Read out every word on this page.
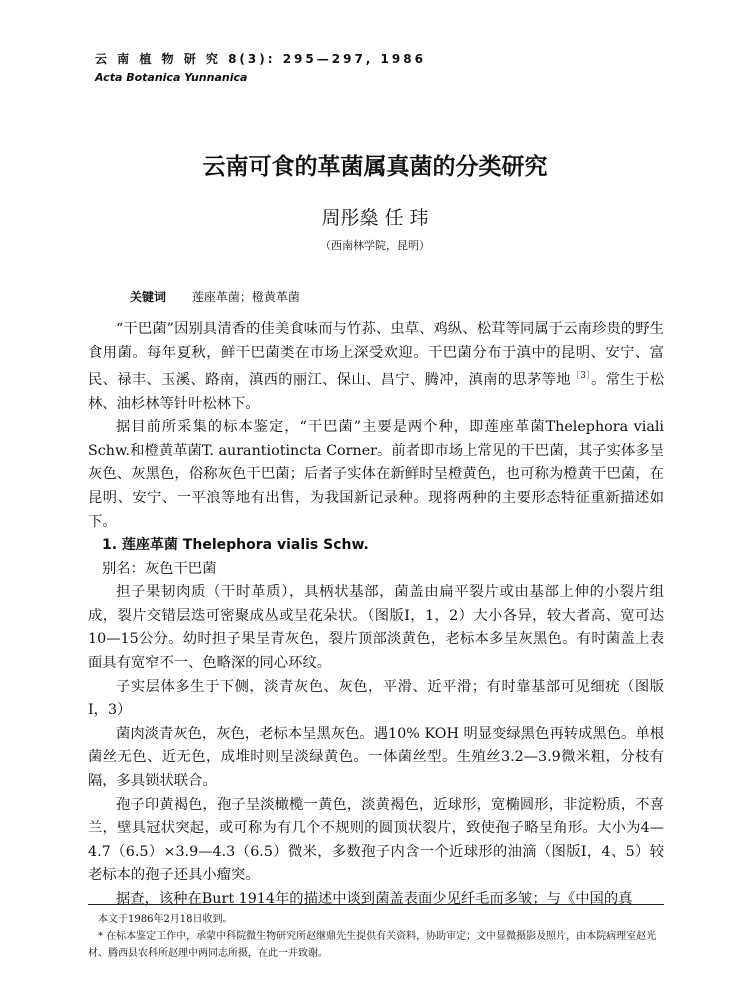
云 南 植 物 研 究 8(3): 295—297, 1986
Acta Botanica Yunnanica
云南可食的革菌属真菌的分类研究
周彤燊 任 玮
（西南林学院，昆明）
关键词 莲座革菌；橙黄革菌

“干巴菌”因别具清香的佳美食味而与竹荪、虫草、鸡纵、松茸等同属于云南珍贵的野生食用菌。每年夏秋，鲜干巴菌类在市场上深受欢迎。干巴菌分布于滇中的昆明、安宁、富民、禄丰、玉溪、路南，滇西的丽江、保山、昌宁、腾冲，滇南的思茅等地$^{〔3〕}$。常生于松林、油杉林等针叶松林下。

据目前所采集的标本鉴定，“干巴菌”主要是两个种，即莲座革菌Thelephora viali Schw.和橙黄革菌T. aurantiotincta Corner。前者即市场上常见的干巴菌，其子实体多呈灰色、灰黑色，俗称灰色干巴菌；后者子实体在新鲜时呈橙黄色，也可称为橙黄干巴菌，在昆明、安宁、一平浪等地有出售，为我国新记录种。现将两种的主要形态特征重新描述如下。

1. 莲座革菌 Thelephora vialis Schw.

别名：灰色干巴菌

担子果韧肉质（干时革质），具柄状基部，菌盖由扁平裂片或由基部上伸的小裂片组成，裂片交错层迭可密聚成丛或呈花朵状。（图版Ⅰ，1，2）大小各异，较大者高、宽可达10—15公分。幼时担子果呈青灰色，裂片顶部淡黄色，老标本多呈灰黑色。有时菌盖上表面具有宽窄不一、色略深的同心环纹。

子实层体多生于下侧，淡青灰色、灰色，平滑、近平滑；有时靠基部可见细疣（图版Ⅰ，3）

菌肉淡青灰色，灰色，老标本呈黑灰色。遇10% KOH 明显变绿黑色再转成黑色。单根菌丝无色、近无色，成堆时则呈淡绿黄色。一体菌丝型。生殖丝3.2—3.9微米粗，分枝有隔，多具锁状联合。

孢子印黄褐色，孢子呈淡橄榄一黄色，淡黄褐色，近球形，宽椭圆形，非淀粉质，不喜兰，壁具冠状突起，或可称为有几个不规则的圆顶状裂片，致使孢子略呈角形。大小为4—4.7（6.5）×3.9—4.3（6.5）微米，多数孢子内含一个近球形的油滴（图版Ⅰ，4、5）较老标本的孢子还具小瘤突。

据查，该种在Burt 1914年的描述中谈到菌盖表面少见纤毛而多皱；与《中国的真

本文于1986年2月18日收到。

* 在标本鉴定工作中，承蒙中科院微生物研究所赵继鼎先生提供有关资料，协助审定；文中显微摄影及照片，由本院病理室赵光材、腾西县农科所赵理中两同志所摄，在此一并致谢。
